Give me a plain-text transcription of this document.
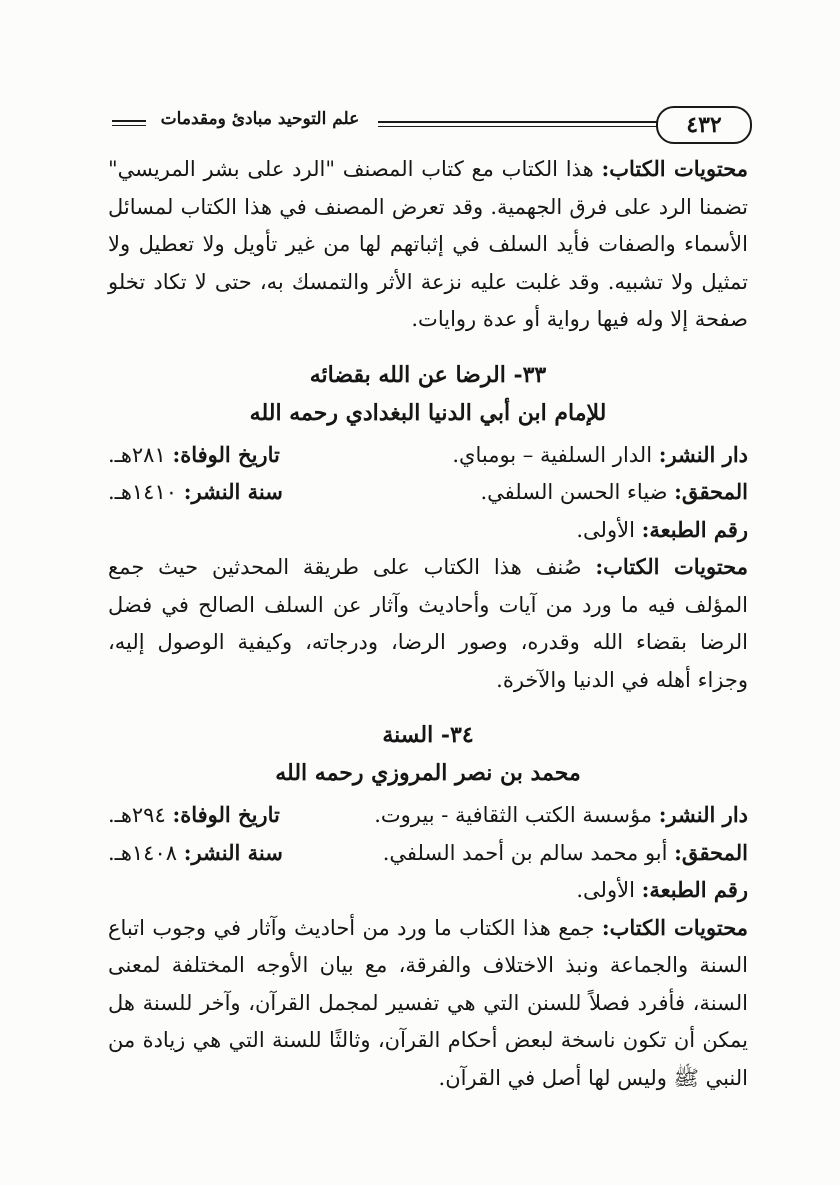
٤٣٢
علم التوحيد مبادئ ومقدمات

محتويات الكتاب: هذا الكتاب مع كتاب المصنف "الرد على بشر المريسي" تضمنا الرد على فرق الجهمية. وقد تعرض المصنف في هذا الكتاب لمسائل الأسماء والصفات فأيد السلف في إثباتهم لها من غير تأويل ولا تعطيل ولا تمثيل ولا تشبيه. وقد غلبت عليه نزعة الأثر والتمسك به، حتى لا تكاد تخلو صفحة إلا وله فيها رواية أو عدة روايات.

٣٣- الرضا عن الله بقضائه

للإمام ابن أبي الدنيا البغدادي رحمه الله

دار النشر: الدار السلفية – بومباي.
تاريخ الوفاة: ٢٨١هـ.
المحقق: ضياء الحسن السلفي.
سنة النشر: ١٤١٠هـ.
رقم الطبعة: الأولى.

محتويات الكتاب: صُنف هذا الكتاب على طريقة المحدثين حيث جمع المؤلف فيه ما ورد من آيات وأحاديث وآثار عن السلف الصالح في فضل الرضا بقضاء الله وقدره، وصور الرضا، ودرجاته، وكيفية الوصول إليه، وجزاء أهله في الدنيا والآخرة.

٣٤- السنة

محمد بن نصر المروزي رحمه الله

دار النشر: مؤسسة الكتب الثقافية - بيروت.
تاريخ الوفاة: ٢٩٤هـ.
المحقق: أبو محمد سالم بن أحمد السلفي.
سنة النشر: ١٤٠٨هـ.
رقم الطبعة: الأولى.

محتويات الكتاب: جمع هذا الكتاب ما ورد من أحاديث وآثار في وجوب اتباع السنة والجماعة ونبذ الاختلاف والفرقة، مع بيان الأوجه المختلفة لمعنى السنة، فأفرد فصلاً للسنن التي هي تفسير لمجمل القرآن، وآخر للسنة هل يمكن أن تكون ناسخة لبعض أحكام القرآن، وثالثًا للسنة التي هي زيادة من النبي ﷺ وليس لها أصل في القرآن.
